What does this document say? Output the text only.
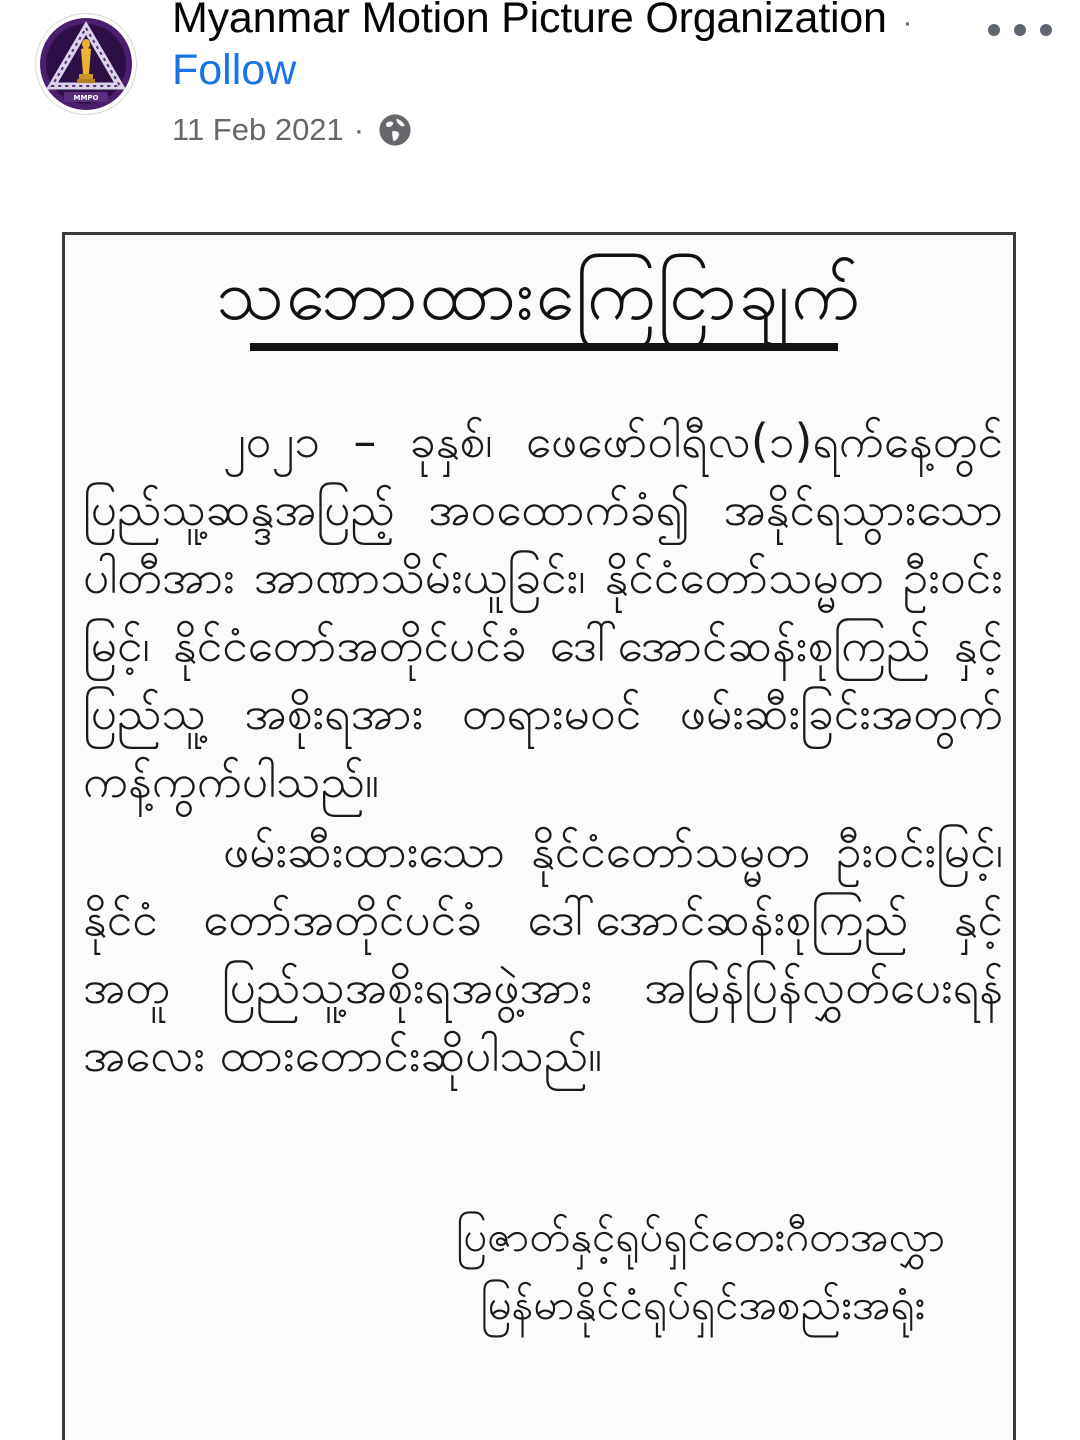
MMPO
Myanmar Motion Picture Organization ·
Follow
11 Feb 2021 ·
သဘောထားကြေငြာချက်

၂၀၂၁ – ခုနှစ်၊ ဖေဖော်ဝါရီလ(၁)ရက်နေ့တွင် ပြည်သူ့ဆန္ဒအပြည့် အဝထောက်ခံ၍ အနိုင်ရသွားသော ပါတီအား အာဏာသိမ်းယူခြင်း၊ နိုင်ငံတော်သမ္မတ ဦးဝင်းမြင့်၊ နိုင်ငံတော်အတိုင်ပင်ခံ ဒေါ်အောင်ဆန်းစုကြည် နှင့် ပြည်သူ့ အစိုးရအား တရားမဝင် ဖမ်းဆီးခြင်းအတွက် ကန့်ကွက်ပါသည်။

ဖမ်းဆီးထားသော နိုင်ငံတော်သမ္မတ ဦးဝင်းမြင့်၊ နိုင်ငံ တော်အတိုင်ပင်ခံ ဒေါ်အောင်ဆန်းစုကြည် နှင့် အတူ ပြည်သူ့အစိုးရအဖွဲ့အား အမြန်ပြန်လွှတ်ပေးရန် အလေး ထားတောင်းဆိုပါသည်။

ပြဇာတ်နှင့်ရုပ်ရှင်တေးဂီတအလွှာ
မြန်မာနိုင်ငံရုပ်ရှင်အစည်းအရုံး
